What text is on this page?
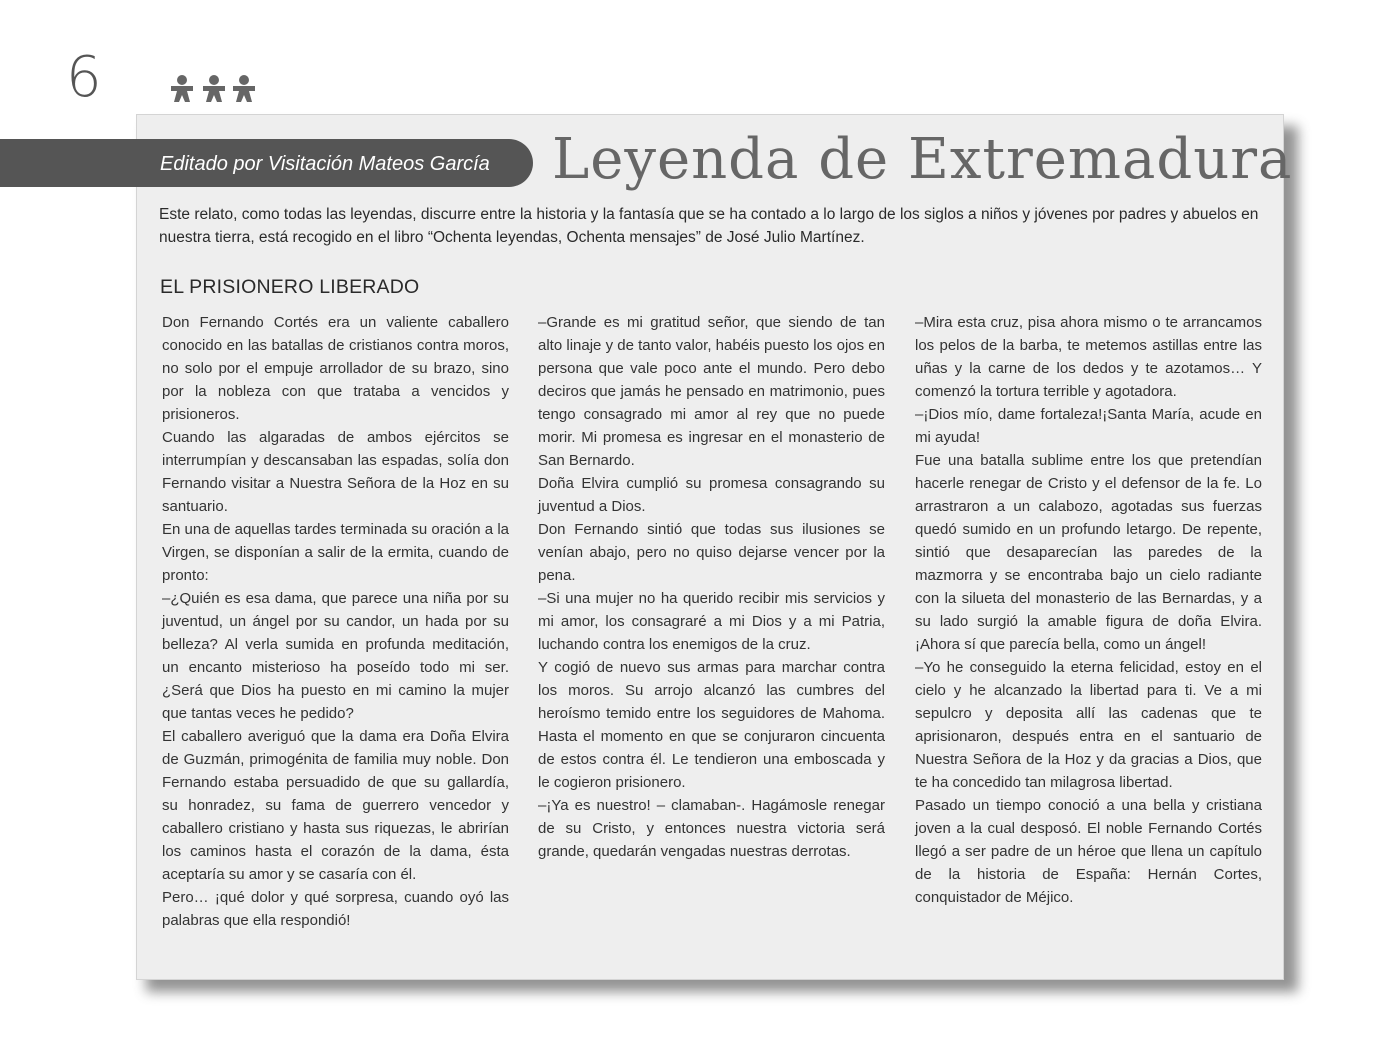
6
Editado por Visitación Mateos García	Leyenda de Extremadura
Este relato, como todas las leyendas, discurre entre la historia y la fantasía que se ha contado a lo largo de los siglos a niños y jóvenes por padres y abuelos en nuestra tierra, está recogido en el libro “Ochenta leyendas, Ochenta mensajes” de José Julio Martínez.
EL PRISIONERO LIBERADO

Don Fernando Cortés era un valiente caballero conocido en las batallas de cristianos contra moros, no solo por el empuje arrollador de su brazo, sino por la nobleza con que trataba a vencidos y prisioneros.

Cuando las algaradas de ambos ejércitos se interrumpían y descansaban las espadas, solía don Fernando visitar a Nuestra Señora de la Hoz en su santuario.

En una de aquellas tardes terminada su oración a la Virgen, se disponían a salir de la ermita, cuando de pronto:

–¿Quién es esa dama, que parece una niña por su juventud, un ángel por su candor, un hada por su belleza? Al verla sumida en profunda meditación, un encanto misterioso ha poseído todo mi ser. ¿Será que Dios ha puesto en mi camino la mujer que tantas veces he pedido?

El caballero averiguó que la dama era Doña Elvira de Guzmán, primogénita de familia muy noble. Don Fernando estaba persuadido de que su gallardía, su honradez, su fama de guerrero vencedor y caballero cristiano y hasta sus riquezas, le abrirían los caminos hasta el corazón de la dama, ésta aceptaría su amor y se casaría con él.

Pero… ¡qué dolor y qué sorpresa, cuando oyó las palabras que ella respondió!

–Grande es mi gratitud señor, que siendo de tan alto linaje y de tanto valor, habéis puesto los ojos en persona que vale poco ante el mundo. Pero debo deciros que jamás he pensado en matrimonio, pues tengo consagrado mi amor al rey que no puede morir. Mi promesa es ingresar en el monasterio de San Bernardo.

Doña Elvira cumplió su promesa consagrando su juventud a Dios.

Don Fernando sintió que todas sus ilusiones se venían abajo, pero no quiso dejarse vencer por la pena.

–Si una mujer no ha querido recibir mis servicios y mi amor, los consagraré a mi Dios y a mi Patria, luchando contra los enemigos de la cruz.

Y cogió de nuevo sus armas para marchar contra los moros. Su arrojo alcanzó las cumbres del heroísmo temido entre los seguidores de Mahoma. Hasta el momento en que se conjuraron cincuenta de estos contra él. Le tendieron una emboscada y le cogieron prisionero.

–¡Ya es nuestro! – clamaban-. Hagámosle renegar de su Cristo, y entonces nuestra victoria será grande, quedarán vengadas nuestras derrotas.

–Mira esta cruz, pisa ahora mismo o te arrancamos los pelos de la barba, te metemos astillas entre las uñas y la carne de los dedos y te azotamos… Y comenzó la tortura terrible y agotadora.

–¡Dios mío, dame fortaleza!¡Santa María, acude en mi ayuda!

Fue una batalla sublime entre los que pretendían hacerle renegar de Cristo y el defensor de la fe. Lo arrastraron a un calabozo, agotadas sus fuerzas quedó sumido en un profundo letargo. De repente, sintió que desaparecían las paredes de la mazmorra y se encontraba bajo un cielo radiante con la silueta del monasterio de las Bernardas, y a su lado surgió la amable figura de doña Elvira. ¡Ahora sí que parecía bella, como un ángel!

–Yo he conseguido la eterna felicidad, estoy en el cielo y he alcanzado la libertad para ti. Ve a mi sepulcro y deposita allí las cadenas que te aprisionaron, después entra en el santuario de Nuestra Señora de la Hoz y da gracias a Dios, que te ha concedido tan milagrosa libertad.

Pasado un tiempo conoció a una bella y cristiana joven a la cual desposó. El noble Fernando Cortés llegó a ser padre de un héroe que llena un capítulo de la historia de España: Hernán Cortes, conquistador de Méjico.
